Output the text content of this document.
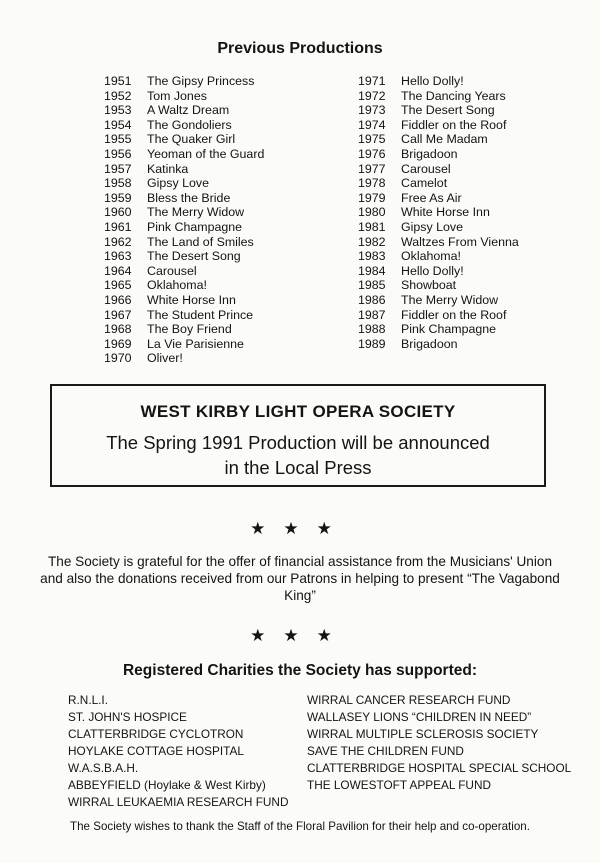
Previous Productions
1951	The Gipsy Princess
1952	Tom Jones
1953	A Waltz Dream
1954	The Gondoliers
1955	The Quaker Girl
1956	Yeoman of the Guard
1957	Katinka
1958	Gipsy Love
1959	Bless the Bride
1960	The Merry Widow
1961	Pink Champagne
1962	The Land of Smiles
1963	The Desert Song
1964	Carousel
1965	Oklahoma!
1966	White Horse Inn
1967	The Student Prince
1968	The Boy Friend
1969	La Vie Parisienne
1970	Oliver!
1971	Hello Dolly!
1972	The Dancing Years
1973	The Desert Song
1974	Fiddler on the Roof
1975	Call Me Madam
1976	Brigadoon
1977	Carousel
1978	Camelot
1979	Free As Air
1980	White Horse Inn
1981	Gipsy Love
1982	Waltzes From Vienna
1983	Oklahoma!
1984	Hello Dolly!
1985	Showboat
1986	The Merry Widow
1987	Fiddler on the Roof
1988	Pink Champagne
1989	Brigadoon
WEST KIRBY LIGHT OPERA SOCIETY
The Spring 1991 Production will be announced
in the Local Press
★★★
The Society is grateful for the offer of financial assistance from the Musicians' Union and also the donations received from our Patrons in helping to present “The Vagabond King”
★★★
Registered Charities the Society has supported:
R.N.L.I.
ST. JOHN'S HOSPICE
CLATTERBRIDGE CYCLOTRON
HOYLAKE COTTAGE HOSPITAL
W.A.S.B.A.H.
ABBEYFIELD (Hoylake & West Kirby)
WIRRAL LEUKAEMIA RESEARCH FUND
WIRRAL CANCER RESEARCH FUND
WALLASEY LIONS “CHILDREN IN NEED”
WIRRAL MULTIPLE SCLEROSIS SOCIETY
SAVE THE CHILDREN FUND
CLATTERBRIDGE HOSPITAL SPECIAL SCHOOL
THE LOWESTOFT APPEAL FUND
The Society wishes to thank the Staff of the Floral Pavilion for their help and co-operation.
